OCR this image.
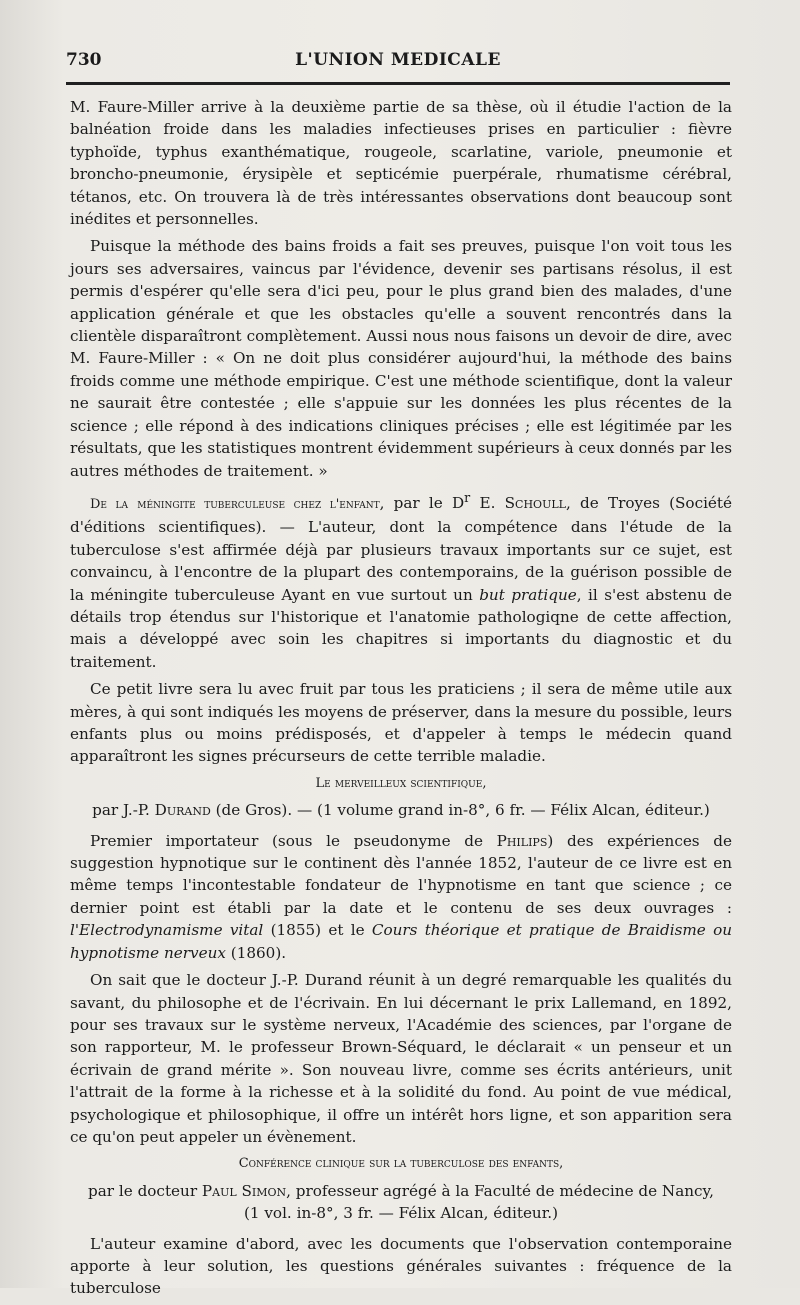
730	L'UNION MEDICALE

M. Faure-Miller arrive à la deuxième partie de sa thèse, où il étudie l'action de la balnéation froide dans les maladies infectieuses prises en particulier : fièvre typhoïde, typhus exanthématique, rougeole, scarlatine, variole, pneumonie et broncho-pneumonie, érysipèle et septicémie puerpérale, rhumatisme cérébral, tétanos, etc. On trouvera là de très intéressantes observations dont beaucoup sont inédites et personnelles.

Puisque la méthode des bains froids a fait ses preuves, puisque l'on voit tous les jours ses adversaires, vaincus par l'évidence, devenir ses partisans résolus, il est permis d'espérer qu'elle sera d'ici peu, pour le plus grand bien des malades, d'une application générale et que les obstacles qu'elle a souvent rencontrés dans la clientèle disparaîtront complètement. Aussi nous nous faisons un devoir de dire, avec M. Faure-Miller : « On ne doit plus considérer aujourd'hui, la méthode des bains froids comme une méthode empirique. C'est une méthode scientifique, dont la valeur ne saurait être contestée ; elle s'appuie sur les données les plus récentes de la science ; elle répond à des indications cliniques précises ; elle est légitimée par les résultats, que les statistiques montrent évidemment supérieurs à ceux donnés par les autres méthodes de traitement. »

De la méningite tuberculeuse chez l'enfant, par le $D^r$ E. Schoull, de Troyes (Société d'éditions scientifiques). — L'auteur, dont la compétence dans l'étude de la tuberculose s'est affirmée déjà par plusieurs travaux importants sur ce sujet, est convaincu, à l'encontre de la plupart des contemporains, de la guérison possible de la méningite tuberculeuse Ayant en vue surtout un but pratique, il s'est abstenu de détails trop étendus sur l'historique et l'anatomie pathologiqne de cette affection, mais a développé avec soin les chapitres si importants du diagnostic et du traitement.

Ce petit livre sera lu avec fruit par tous les praticiens ; il sera de même utile aux mères, à qui sont indiqués les moyens de préserver, dans la mesure du possible, leurs enfants plus ou moins prédisposés, et d'appeler à temps le médecin quand apparaîtront les signes précurseurs de cette terrible maladie.

Le merveilleux scientifique,
par J.-P. Durand (de Gros). — (1 volume grand in-8°, 6 fr. — Félix Alcan, éditeur.)

Premier importateur (sous le pseudonyme de Philips) des expériences de suggestion hypnotique sur le continent dès l'année 1852, l'auteur de ce livre est en même temps l'incontestable fondateur de l'hypnotisme en tant que science ; ce dernier point est établi par la date et le contenu de ses deux ouvrages : l'Electrodynamisme vital (1855) et le Cours théorique et pratique de Braidisme ou hypnotisme nerveux (1860).

On sait que le docteur J.-P. Durand réunit à un degré remarquable les qualités du savant, du philosophe et de l'écrivain. En lui décernant le prix Lallemand, en 1892, pour ses travaux sur le système nerveux, l'Académie des sciences, par l'organe de son rapporteur, M. le professeur Brown-Séquard, le déclarait « un penseur et un écrivain de grand mérite ». Son nouveau livre, comme ses écrits antérieurs, unit l'attrait de la forme à la richesse et à la solidité du fond. Au point de vue médical, psychologique et philosophique, il offre un intérêt hors ligne, et son apparition sera ce qu'on peut appeler un évènement.

Conférence clinique sur la tuberculose des enfants,
par le docteur Paul Simon, professeur agrégé à la Faculté de médecine de Nancy,
(1 vol. in-8°, 3 fr. — Félix Alcan, éditeur.)

L'auteur examine d'abord, avec les documents que l'observation contemporaine apporte à leur solution, les questions générales suivantes : fréquence de la tuberculose
